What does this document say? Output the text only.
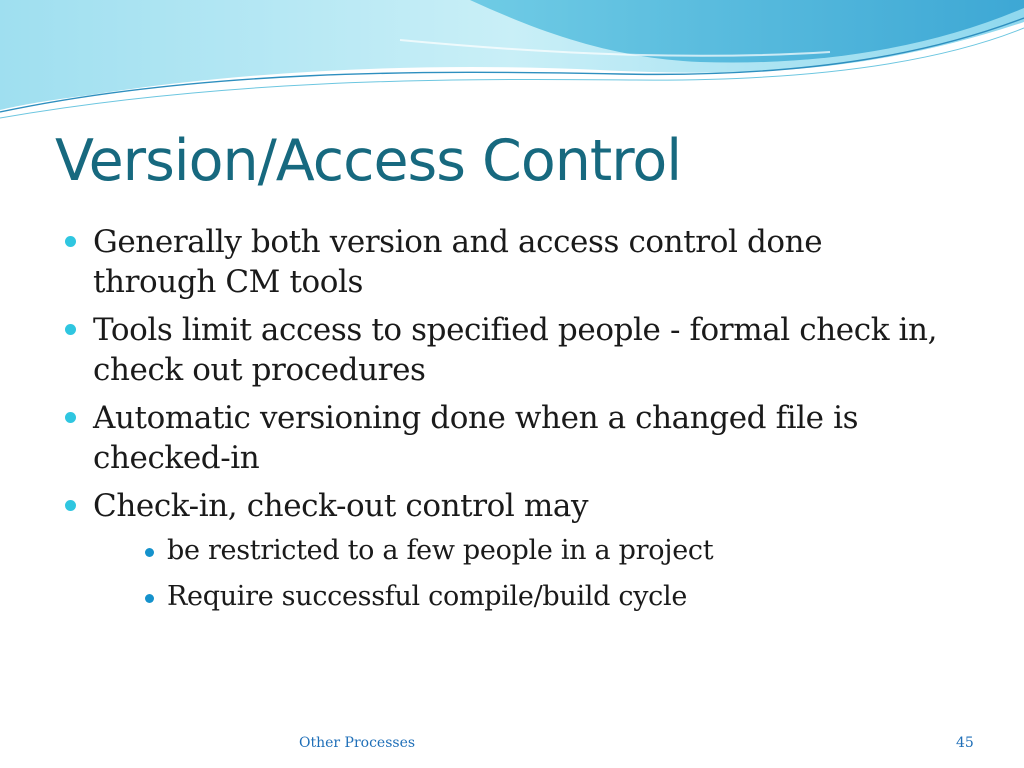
Version/Access Control
Generally both version and access control done
through CM tools
Tools limit access to specified people - formal check in,
check out procedures
Automatic versioning done when a changed file is
checked-in
Check-in, check-out control may
be restricted to a few people in a project
Require successful compile/build cycle
Other Processes	45
